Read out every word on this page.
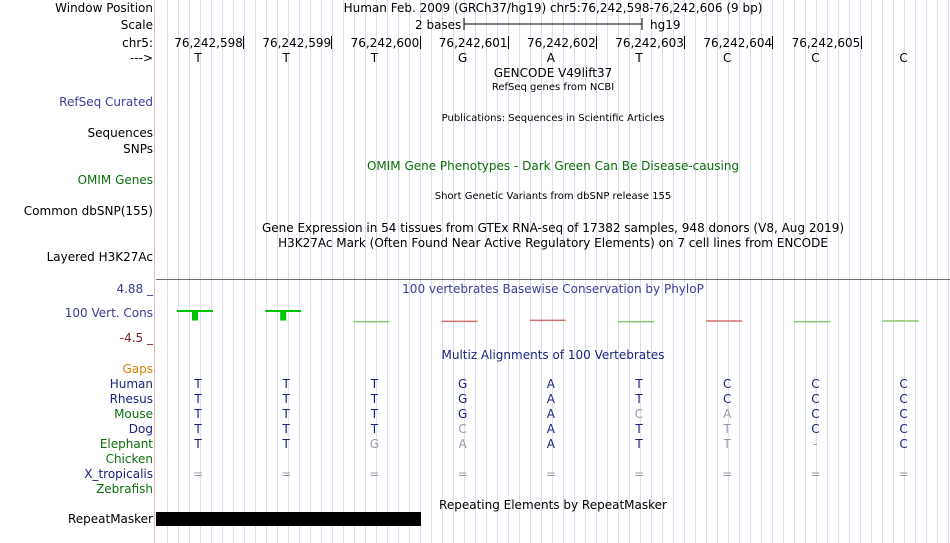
Window Position	Human Feb. 2009 (GRCh37/hg19) chr5:76,242,598-76,242,606 (9 bp)
Scale	2 bases	hg19
chr5: 76,242,598 76,242,599 76,242,600 76,242,601 76,242,602 76,242,603 76,242,604 76,242,605
--->	T	T	T	G	A	T	C	C	C
GENCODE V49lift37
RefSeq genes from NCBI
RefSeq Curated
Publications: Sequences in Scientific Articles
Sequences
SNPs
OMIM Gene Phenotypes - Dark Green Can Be Disease-causing
OMIM Genes
Short Genetic Variants from dbSNP release 155
Common dbSNP(155)
Gene Expression in 54 tissues from GTEx RNA-seq of 17382 samples, 948 donors (V8, Aug 2019)
H3K27Ac Mark (Often Found Near Active Regulatory Elements) on 7 cell lines from ENCODE
Layered H3K27Ac
100 vertebrates Basewise Conservation by PhyloP
4.88 _
100 Vert. Cons
-4.5 _
Multiz Alignments of 100 Vertebrates
Gaps
Human	T	T	T	G	A	T	C	C	C
Rhesus	T	T	T	G	A	T	C	C	C
Mouse	T	T	T	G	A	C	A	C	C
Dog	T	T	T	C	A	T	T	C	C
Elephant	T	T	G	A	A	T	T	-	C
Chicken
X_tropicalis	=	=	=	=	=	=	=	=	=
Zebrafish
Repeating Elements by RepeatMasker
RepeatMasker
